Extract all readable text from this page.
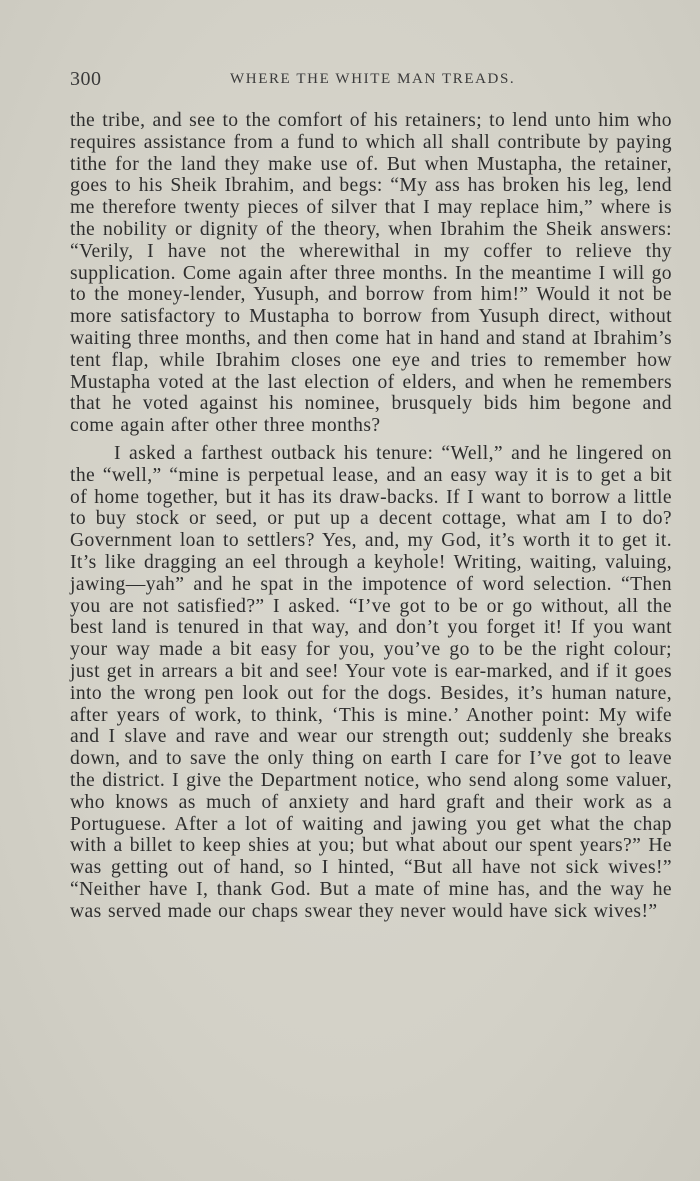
300	WHERE THE WHITE MAN TREADS.

the tribe, and see to the comfort of his retainers; to lend unto him who requires assistance from a fund to which all shall contribute by paying tithe for the land they make use of. But when Mustapha, the retainer, goes to his Sheik Ibrahim, and begs: “My ass has broken his leg, lend me therefore twenty pieces of silver that I may replace him,” where is the nobility or dignity of the theory, when Ibrahim the Sheik answers: “Verily, I have not the wherewithal in my coffer to relieve thy supplication. Come again after three months. In the meantime I will go to the money-lender, Yusuph, and borrow from him!” Would it not be more satisfactory to Mustapha to borrow from Yusuph direct, without waiting three months, and then come hat in hand and stand at Ibrahim’s tent flap, while Ibrahim closes one eye and tries to remember how Mustapha voted at the last election of elders, and when he remembers that he voted against his nominee, brusquely bids him begone and come again after other three months?

I asked a farthest outback his tenure: “Well,” and he lingered on the “well,” “mine is perpetual lease, and an easy way it is to get a bit of home together, but it has its draw-backs. If I want to borrow a little to buy stock or seed, or put up a decent cottage, what am I to do? Government loan to settlers? Yes, and, my God, it’s worth it to get it. It’s like dragging an eel through a keyhole! Writing, waiting, valuing, jawing—yah” and he spat in the impotence of word selection. “Then you are not satisfied?” I asked. “I’ve got to be or go without, all the best land is tenured in that way, and don’t you forget it! If you want your way made a bit easy for you, you’ve go to be the right colour; just get in arrears a bit and see! Your vote is ear-marked, and if it goes into the wrong pen look out for the dogs. Besides, it’s human nature, after years of work, to think, ‘This is mine.’ Another point: My wife and I slave and rave and wear our strength out; suddenly she breaks down, and to save the only thing on earth I care for I’ve got to leave the district. I give the Department notice, who send along some valuer, who knows as much of anxiety and hard graft and their work as a Portuguese. After a lot of waiting and jawing you get what the chap with a billet to keep shies at you; but what about our spent years?” He was getting out of hand, so I hinted, “But all have not sick wives!” “Neither have I, thank God. But a mate of mine has, and the way he was served made our chaps swear they never would have sick wives!”
